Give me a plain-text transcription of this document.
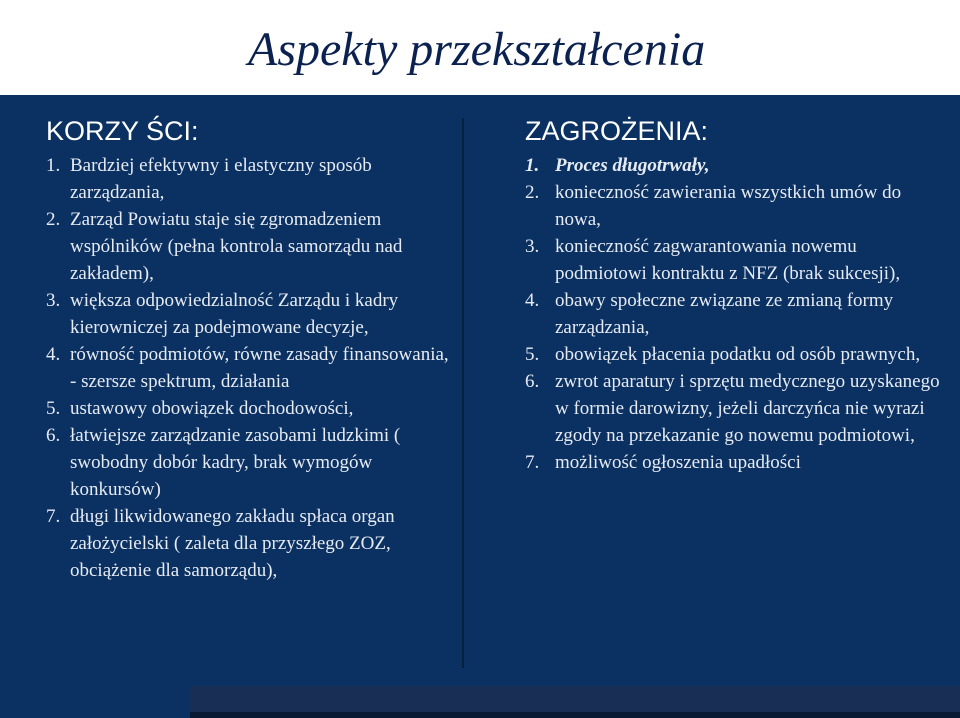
Aspekty przekształcenia
KORZY ŚCI:
1. Bardziej efektywny i elastyczny sposób zarządzania,
2. Zarząd Powiatu staje się zgromadzeniem wspólników (pełna kontrola samorządu nad zakładem),
3. większa odpowiedzialność Zarządu i kadry kierowniczej za podejmowane decyzje,
4. równość podmiotów, równe zasady finansowania, - szersze spektrum, działania
5. ustawowy obowiązek dochodowości,
6. łatwiejsze zarządzanie zasobami ludzkimi ( swobodny dobór kadry, brak wymogów konkursów)
7. długi likwidowanego zakładu spłaca organ założycielski ( zaleta dla przyszłego ZOZ, obciążenie dla samorządu),
ZAGROŻENIA:
1. Proces długotrwały,
2. konieczność zawierania wszystkich umów do nowa,
3. konieczność zagwarantowania nowemu podmiotowi kontraktu z NFZ (brak sukcesji),
4. obawy społeczne związane ze zmianą formy zarządzania,
5. obowiązek płacenia podatku od osób prawnych,
6. zwrot aparatury i sprzętu medycznego uzyskanego w formie darowizny, jeżeli darczyńca nie wyrazi zgody na przekazanie go nowemu podmiotowi,
7. możliwość ogłoszenia upadłości
